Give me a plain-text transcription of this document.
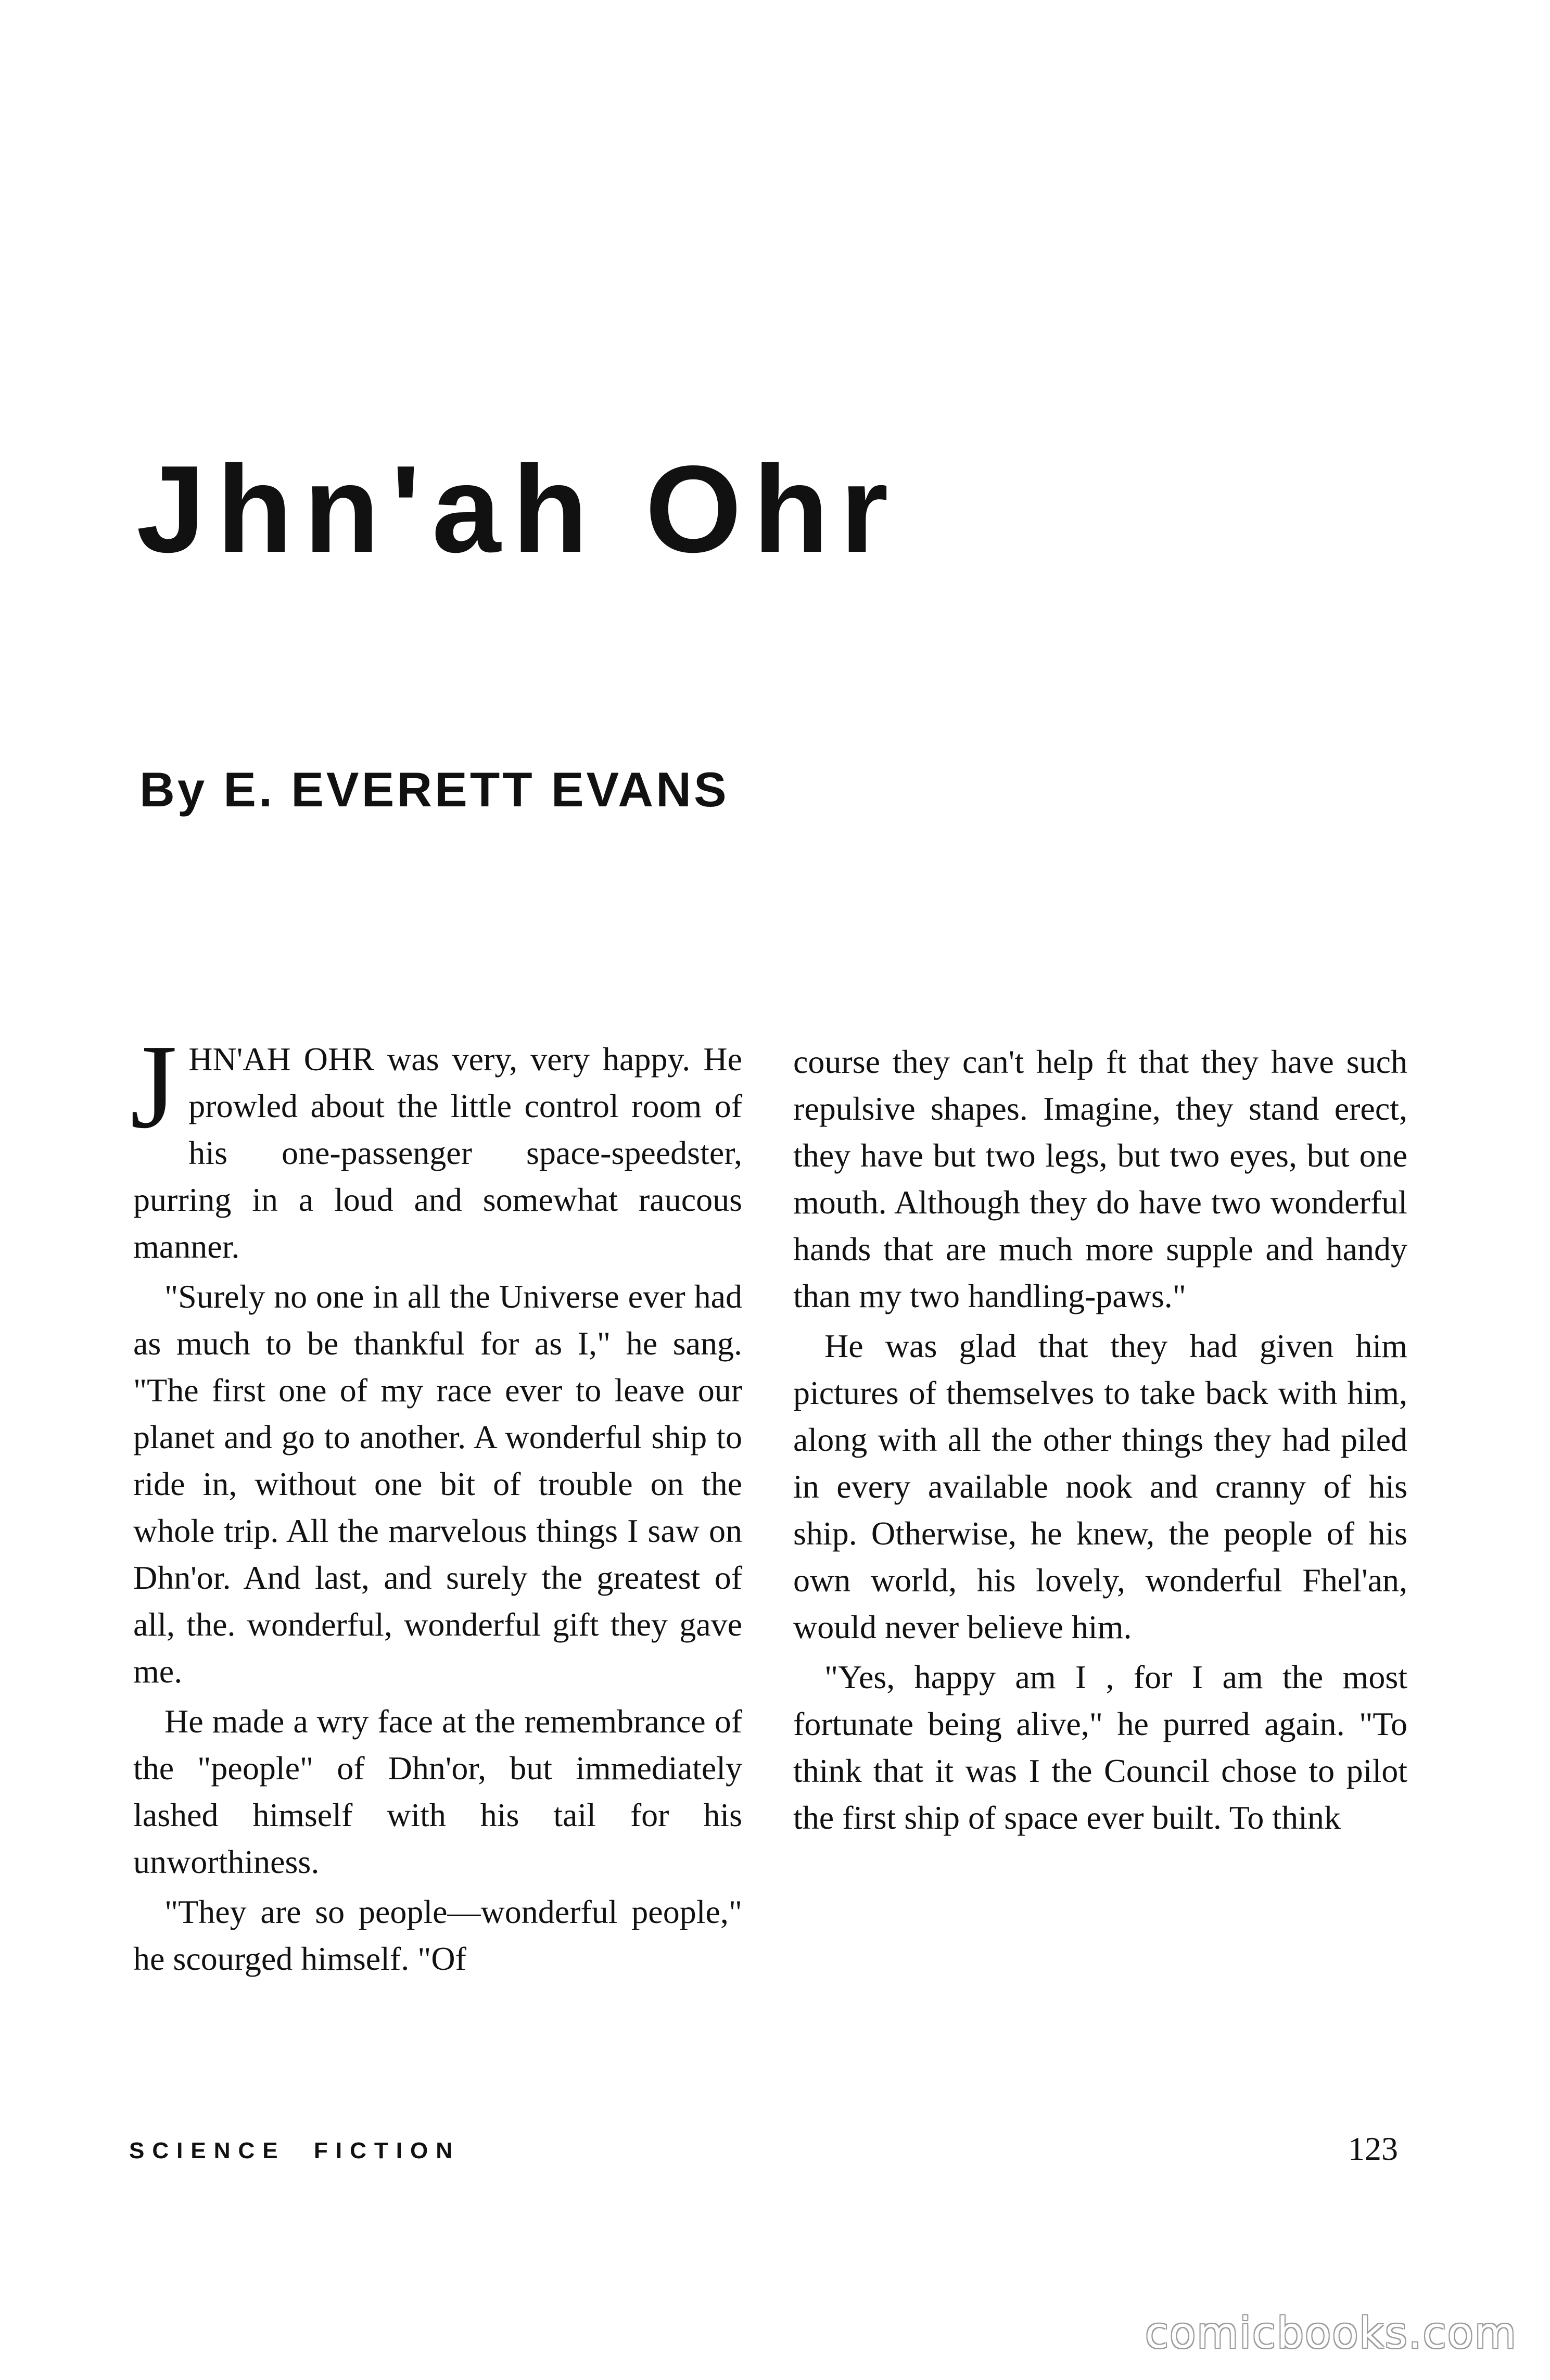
Jhn'ah Ohr
By E. EVERETT EVANS

JHN'AH OHR was very, very happy. He prowled about the little control room of his one-passenger space-speedster, purring in a loud and somewhat raucous manner.

"Surely no one in all the Universe ever had as much to be thankful for as I," he sang. "The first one of my race ever to leave our planet and go to another. A wonderful ship to ride in, without one bit of trouble on the whole trip. All the marvelous things I saw on Dhn'or. And last, and surely the greatest of all, the. wonderful, wonderful gift they gave me.

He made a wry face at the remembrance of the "people" of Dhn'or, but immediately lashed himself with his tail for his unworthiness.

"They are so people—wonderful people," he scourged himself. "Of

course they can't help ft that they have such repulsive shapes. Imagine, they stand erect, they have but two legs, but two eyes, but one mouth. Although they do have two wonderful hands that are much more supple and handy than my two handling-paws."

He was glad that they had given him pictures of themselves to take back with him, along with all the other things they had piled in every available nook and cranny of his ship. Otherwise, he knew, the people of his own world, his lovely, wonderful Fhel'an, would never believe him.

"Yes, happy am I , for I am the most fortunate being alive," he purred again. "To think that it was I the Council chose to pilot the first ship of space ever built. To think

SCIENCE  FICTION	123
comicbooks.com
